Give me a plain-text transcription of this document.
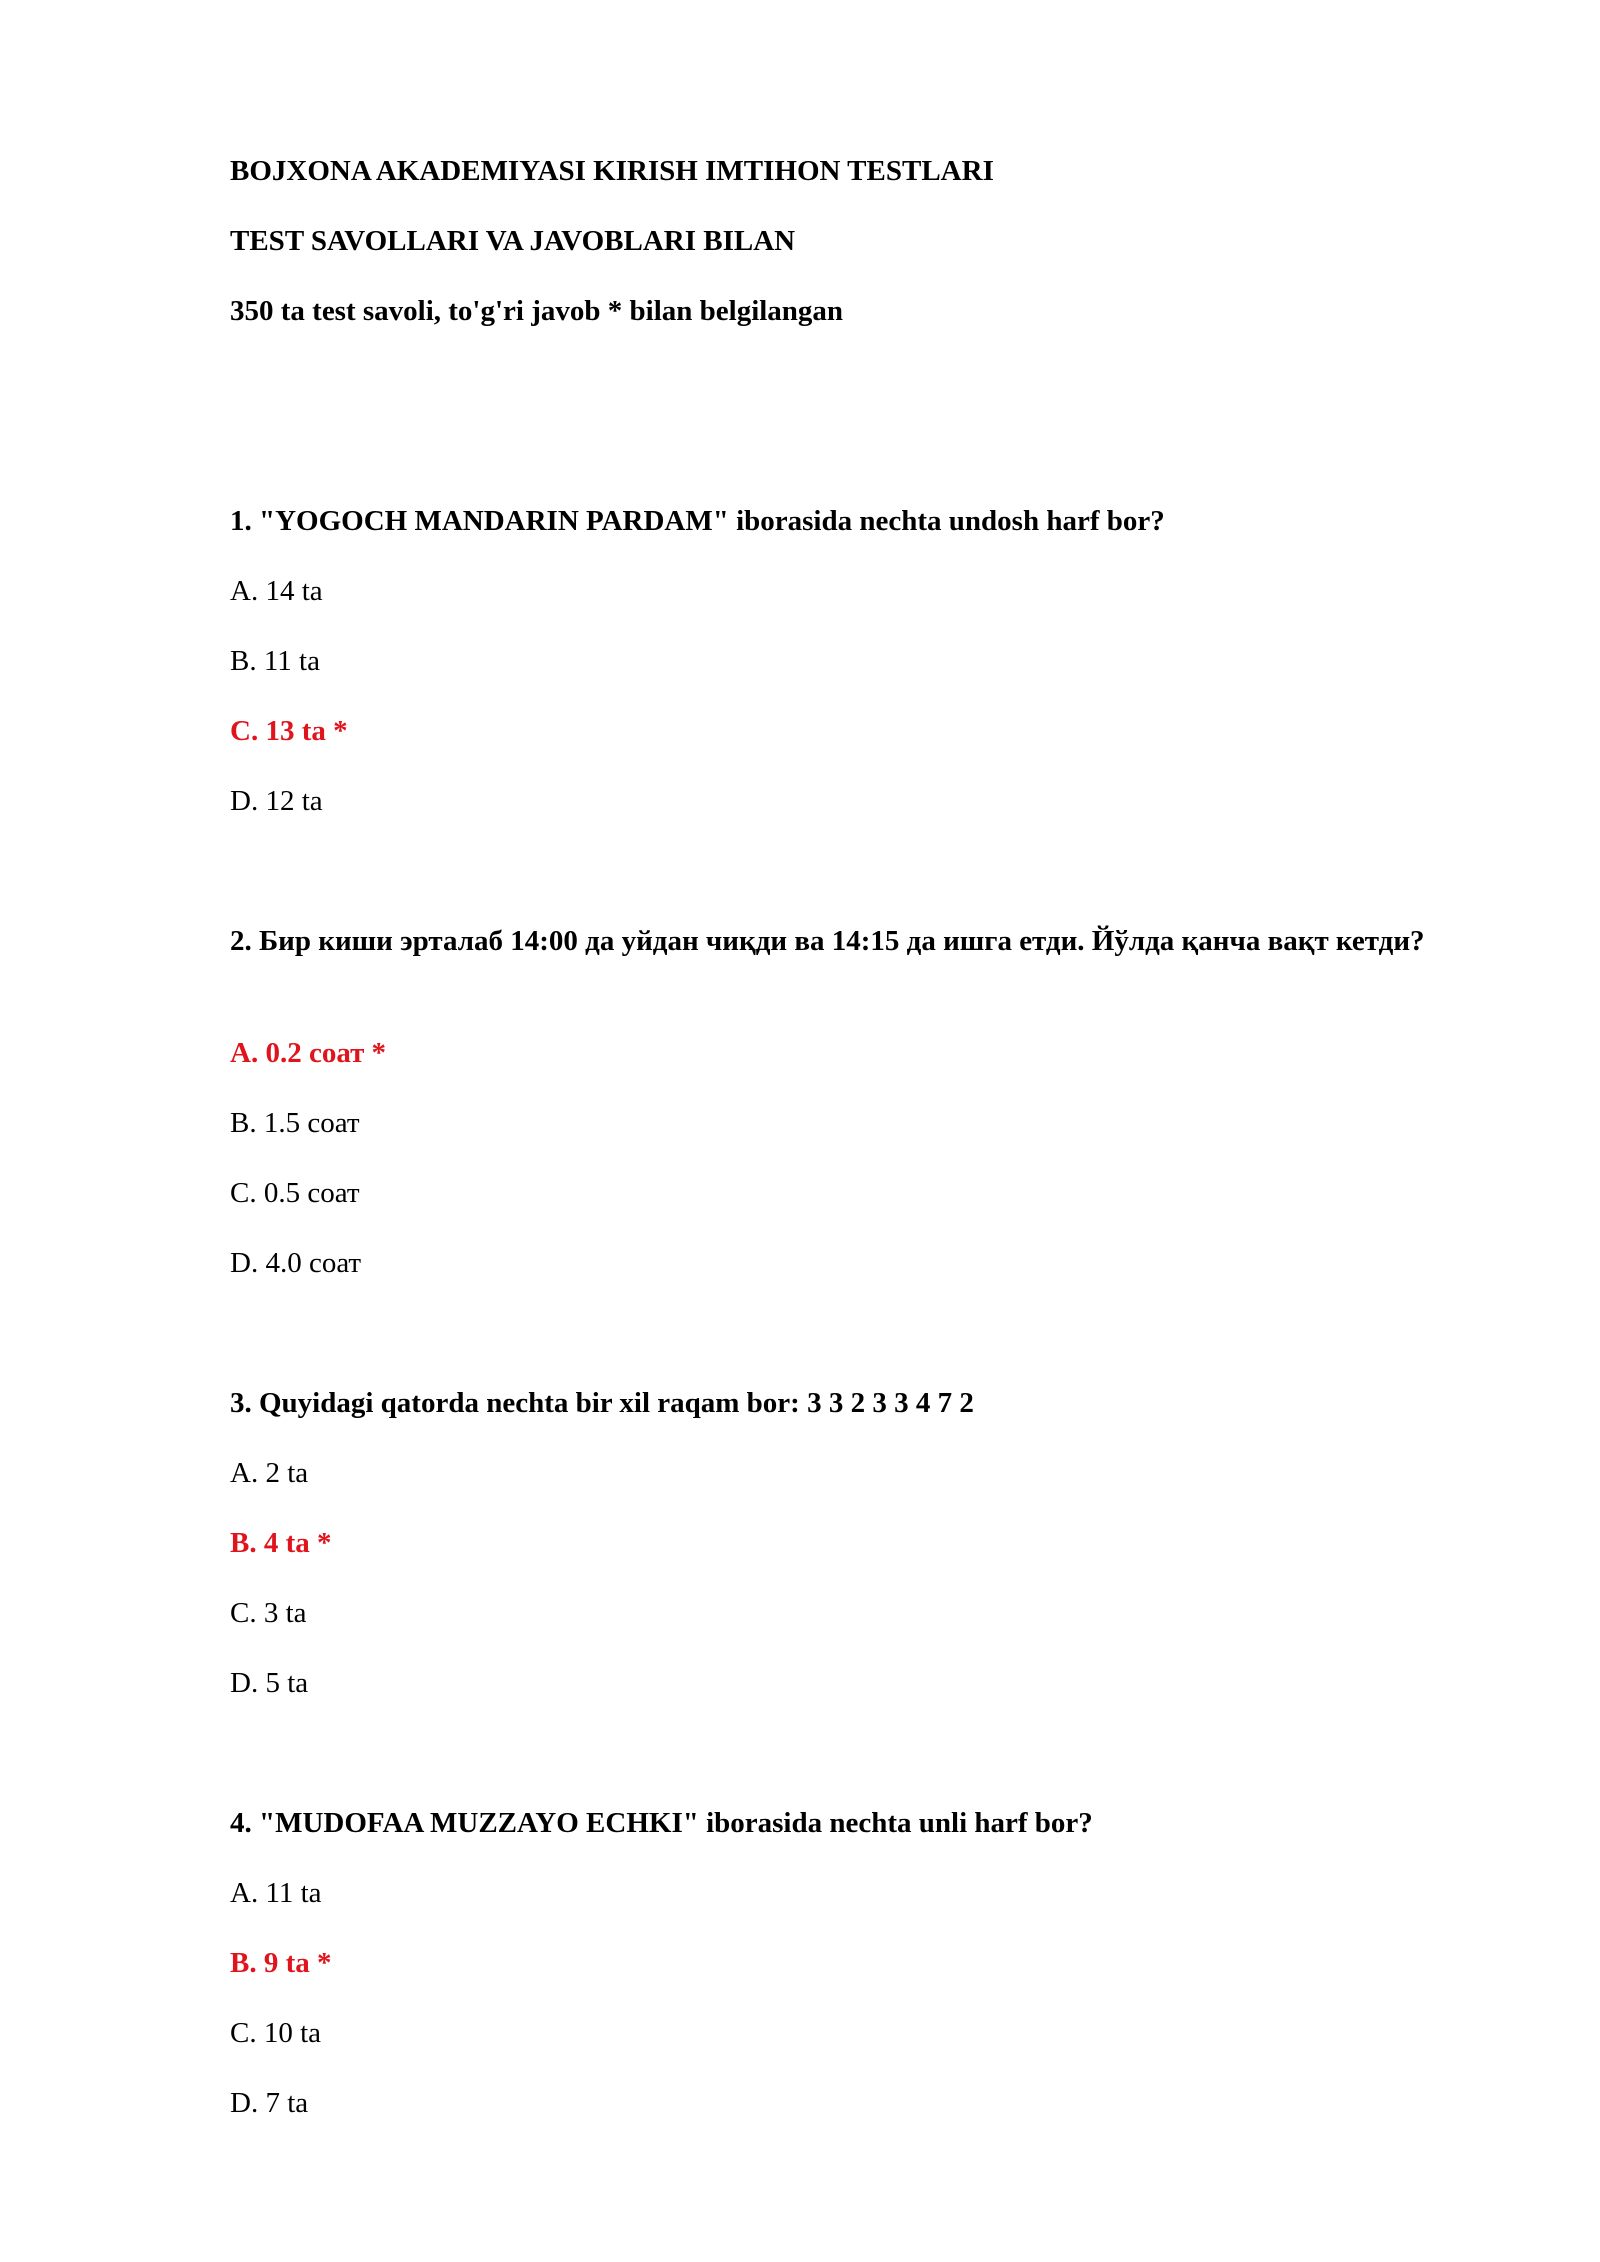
BOJXONA AKADEMIYASI KIRISH IMTIHON TESTLARI
TEST SAVOLLARI VA JAVOBLARI BILAN
350 ta test savoli, to'g'ri javob * bilan belgilangan
1. "YOGOCH MANDARIN PARDAM" iborasida nechta undosh harf bor?
A. 14 ta
B. 11 ta
C. 13 ta *
D. 12 ta
2. Бир киши эрталаб 14:00 да уйдан чиқди ва 14:15 да ишга етди. Йўлда қанча вақт кетди?
A. 0.2 соат *
B. 1.5 соат
C. 0.5 соат
D. 4.0 соат
3. Quyidagi qatorda nechta bir xil raqam bor: 3 3 2 3 3 4 7 2
A. 2 ta
B. 4 ta *
C. 3 ta
D. 5 ta
4. "MUDOFAA MUZZAYO ECHKI" iborasida nechta unli harf bor?
A. 11 ta
B. 9 ta *
C. 10 ta
D. 7 ta
